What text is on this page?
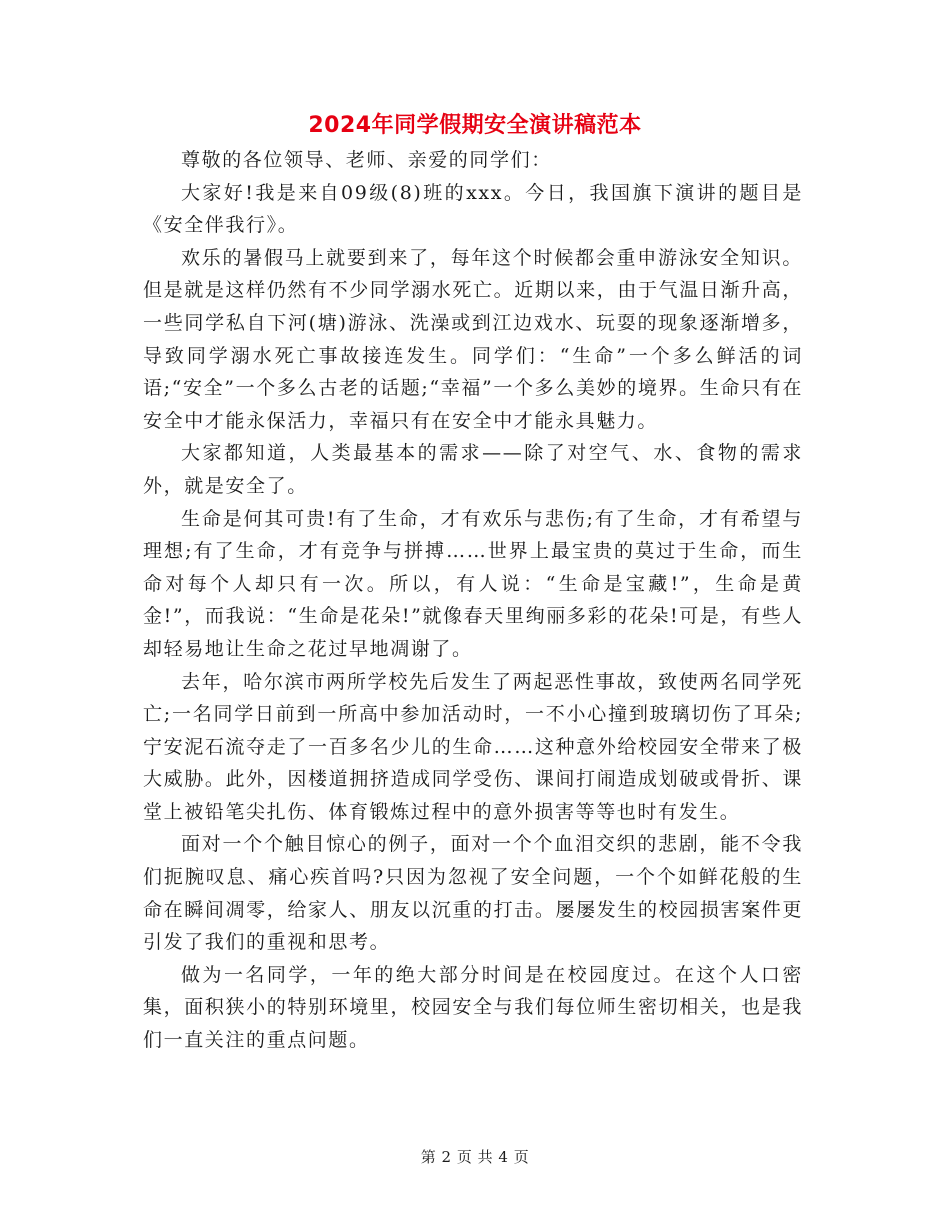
2024年同学假期安全演讲稿范本

尊敬的各位领导、老师、亲爱的同学们：

大家好!我是来自09级(8)班的xxx。今日，我国旗下演讲的题目是《安全伴我行》。

欢乐的暑假马上就要到来了，每年这个时候都会重申游泳安全知识。但是就是这样仍然有不少同学溺水死亡。近期以来，由于气温日渐升高，一些同学私自下河(塘)游泳、洗澡或到江边戏水、玩耍的现象逐渐增多，导致同学溺水死亡事故接连发生。同学们：“生命”一个多么鲜活的词语;“安全”一个多么古老的话题;“幸福”一个多么美妙的境界。生命只有在安全中才能永保活力，幸福只有在安全中才能永具魅力。

大家都知道，人类最基本的需求——除了对空气、水、食物的需求外，就是安全了。

生命是何其可贵!有了生命，才有欢乐与悲伤;有了生命，才有希望与理想;有了生命，才有竞争与拼搏……世界上最宝贵的莫过于生命，而生命对每个人却只有一次。所以，有人说：“生命是宝藏!”，生命是黄金!”，而我说：“生命是花朵!”就像春天里绚丽多彩的花朵!可是，有些人却轻易地让生命之花过早地凋谢了。

去年，哈尔滨市两所学校先后发生了两起恶性事故，致使两名同学死亡;一名同学日前到一所高中参加活动时，一不小心撞到玻璃切伤了耳朵;宁安泥石流夺走了一百多名少儿的生命……这种意外给校园安全带来了极大威胁。此外，因楼道拥挤造成同学受伤、课间打闹造成划破或骨折、课堂上被铅笔尖扎伤、体育锻炼过程中的意外损害等等也时有发生。

面对一个个触目惊心的例子，面对一个个血泪交织的悲剧，能不令我们扼腕叹息、痛心疾首吗?只因为忽视了安全问题，一个个如鲜花般的生命在瞬间凋零，给家人、朋友以沉重的打击。屡屡发生的校园损害案件更引发了我们的重视和思考。

做为一名同学，一年的绝大部分时间是在校园度过。在这个人口密集，面积狭小的特别环境里，校园安全与我们每位师生密切相关，也是我们一直关注的重点问题。

第 2 页 共 4 页
